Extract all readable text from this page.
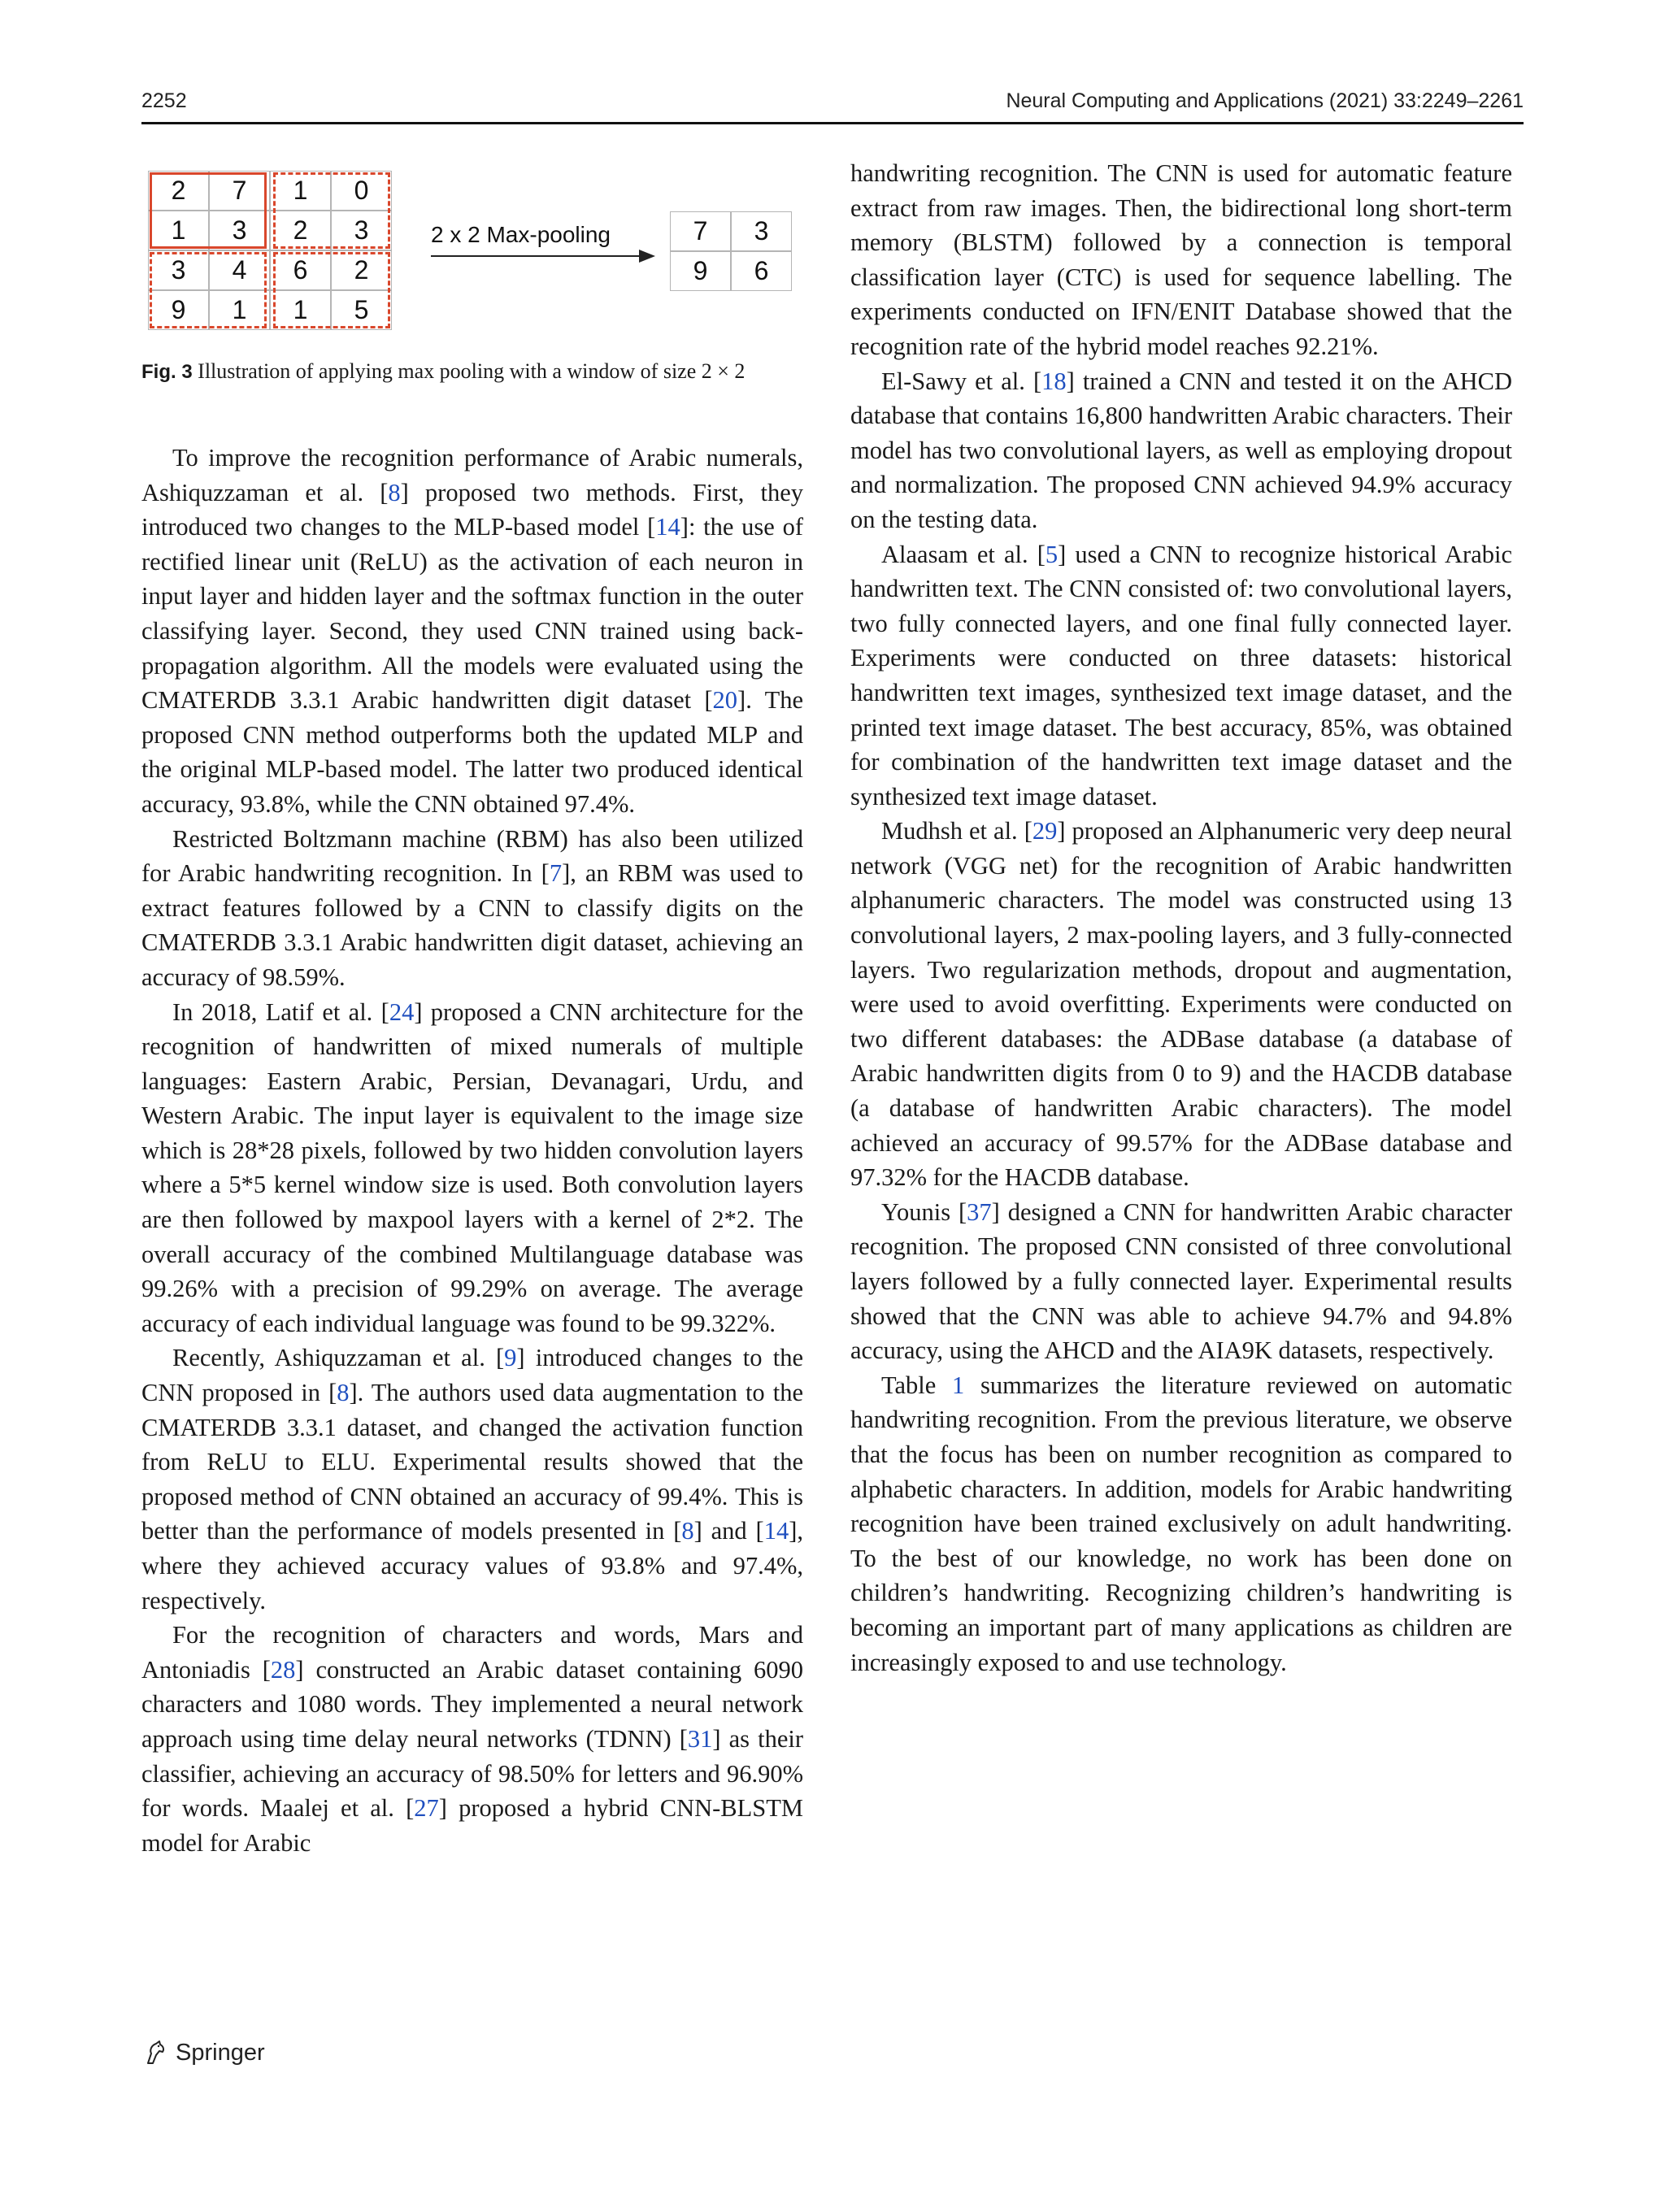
2252	Neural Computing and Applications (2021) 33:2249–2261
2	7	1	0
1	3	2	3
3	4	6	2
9	1	1	5
2 x 2 Max-pooling	7	3
9	6
Fig. 3 Illustration of applying max pooling with a window of size 2 × 2

To improve the recognition performance of Arabic numerals, Ashiquzzaman et al. [8] proposed two methods. First, they introduced two changes to the MLP-based model [14]: the use of rectified linear unit (ReLU) as the activation of each neuron in input layer and hidden layer and the softmax function in the outer classifying layer. Second, they used CNN trained using back-propagation algorithm. All the models were evaluated using the CMATERDB 3.3.1 Arabic handwritten digit dataset [20]. The proposed CNN method outperforms both the updated MLP and the original MLP-based model. The latter two produced identical accuracy, 93.8%, while the CNN obtained 97.4%.

Restricted Boltzmann machine (RBM) has also been utilized for Arabic handwriting recognition. In [7], an RBM was used to extract features followed by a CNN to classify digits on the CMATERDB 3.3.1 Arabic handwritten digit dataset, achieving an accuracy of 98.59%.

In 2018, Latif et al. [24] proposed a CNN architecture for the recognition of handwritten of mixed numerals of multiple languages: Eastern Arabic, Persian, Devanagari, Urdu, and Western Arabic. The input layer is equivalent to the image size which is 28*28 pixels, followed by two hidden convolution layers where a 5*5 kernel window size is used. Both convolution layers are then followed by maxpool layers with a kernel of 2*2. The overall accuracy of the combined Multilanguage database was 99.26% with a precision of 99.29% on average. The average accuracy of each individual language was found to be 99.322%.

Recently, Ashiquzzaman et al. [9] introduced changes to the CNN proposed in [8]. The authors used data augmentation to the CMATERDB 3.3.1 dataset, and changed the activation function from ReLU to ELU. Experimental results showed that the proposed method of CNN obtained an accuracy of 99.4%. This is better than the performance of models presented in [8] and [14], where they achieved accuracy values of 93.8% and 97.4%, respectively.

For the recognition of characters and words, Mars and Antoniadis [28] constructed an Arabic dataset containing 6090 characters and 1080 words. They implemented a neural network approach using time delay neural networks (TDNN) [31] as their classifier, achieving an accuracy of 98.50% for letters and 96.90% for words. Maalej et al. [27] proposed a hybrid CNN-BLSTM model for Arabic

handwriting recognition. The CNN is used for automatic feature extract from raw images. Then, the bidirectional long short-term memory (BLSTM) followed by a connection is temporal classification layer (CTC) is used for sequence labelling. The experiments conducted on IFN/ENIT Database showed that the recognition rate of the hybrid model reaches 92.21%.

El-Sawy et al. [18] trained a CNN and tested it on the AHCD database that contains 16,800 handwritten Arabic characters. Their model has two convolutional layers, as well as employing dropout and normalization. The proposed CNN achieved 94.9% accuracy on the testing data.

Alaasam et al. [5] used a CNN to recognize historical Arabic handwritten text. The CNN consisted of: two convolutional layers, two fully connected layers, and one final fully connected layer. Experiments were conducted on three datasets: historical handwritten text images, synthesized text image dataset, and the printed text image dataset. The best accuracy, 85%, was obtained for combination of the handwritten text image dataset and the synthesized text image dataset.

Mudhsh et al. [29] proposed an Alphanumeric very deep neural network (VGG net) for the recognition of Arabic handwritten alphanumeric characters. The model was constructed using 13 convolutional layers, 2 max-pooling layers, and 3 fully-connected layers. Two regularization methods, dropout and augmentation, were used to avoid overfitting. Experiments were conducted on two different databases: the ADBase database (a database of Arabic handwritten digits from 0 to 9) and the HACDB database (a database of handwritten Arabic characters). The model achieved an accuracy of 99.57% for the ADBase database and 97.32% for the HACDB database.

Younis [37] designed a CNN for handwritten Arabic character recognition. The proposed CNN consisted of three convolutional layers followed by a fully connected layer. Experimental results showed that the CNN was able to achieve 94.7% and 94.8% accuracy, using the AHCD and the AIA9K datasets, respectively.

Table 1 summarizes the literature reviewed on automatic handwriting recognition. From the previous literature, we observe that the focus has been on number recognition as compared to alphabetic characters. In addition, models for Arabic handwriting recognition have been trained exclusively on adult handwriting. To the best of our knowledge, no work has been done on children’s handwriting. Recognizing children’s handwriting is becoming an important part of many applications as children are increasingly exposed to and use technology.

Springer
